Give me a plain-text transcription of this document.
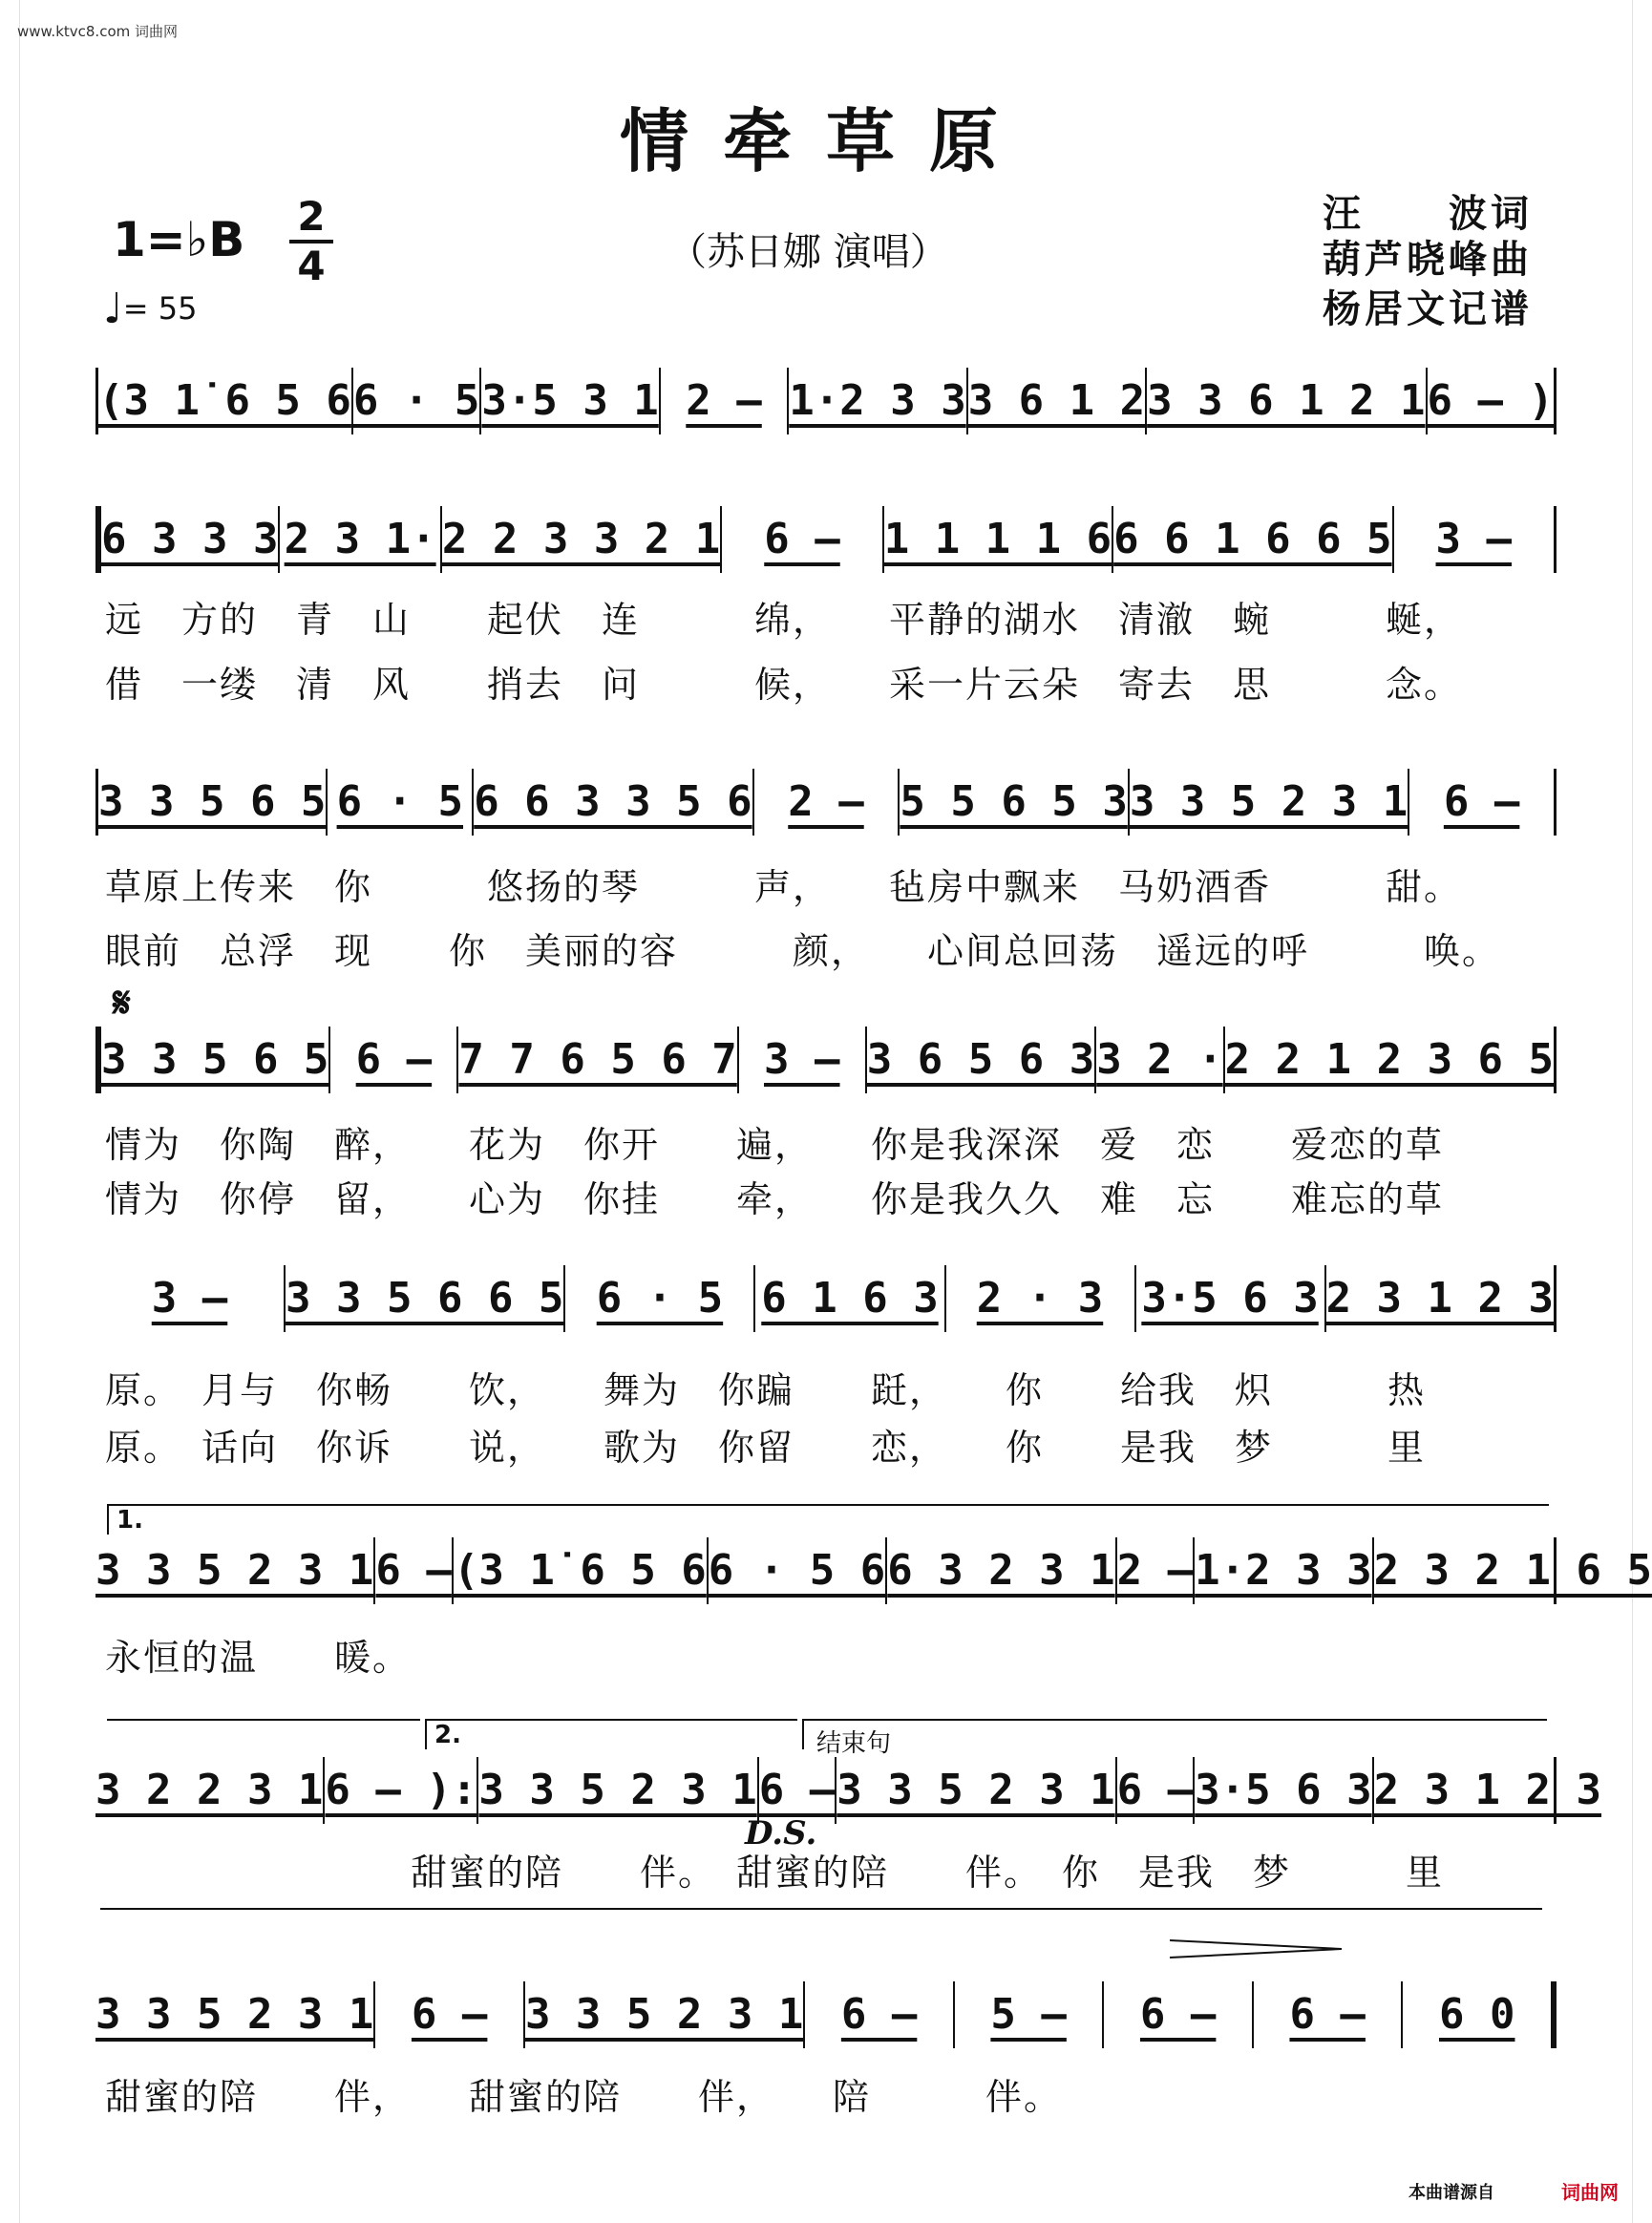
www.ktvc8.com 词曲网
情牵草原
1=♭B 2
4
♩= 55
（苏日娜 演唱）
汪　　波词
葫芦晓峰曲
杨居文记谱
(3 1̇ 6 5 6 6 · 5 3·5 3 1 2 – 1·2 3 3 3 6 1 2 3 3 6 1 2 1 6 – )
6 3 3 3 2 3 1· 2 2 3 3 2 1	6 –	1 1 1 1 6 6 6 1 6 6 5	3 –
远　方的　青　山　　起伏　连　　　绵，　　平静的湖水　清澈　蜿　　　蜒，
借　一缕　清　风　　捎去　问　　　候，　　采一片云朵　寄去　思　　　念。
3 3 5 6 5 6 · 5 6 6 3 3 5 6 2 – 5 5 6 5 3 3 3 5 2 3 1 6 –
草原上传来　你　　　悠扬的琴　　　声，　　毡房中飘来　马奶酒香　　　甜。
眼前　总浮　现　　你　美丽的容　　　颜，　　心间总回荡　遥远的呼　　　唤。
𝄋
3 3 5 6 5 6 – 7 7 6 5 6 7 3 – 3 6 5 6 3 3 2 · 2 2 1 2 3 6 5
情为　你陶　醉，　　花为　你开　　遍，　　你是我深深　爱　恋　　爱恋的草
情为　你停　留，　　心为　你挂　　牵，　　你是我久久　难　忘　　难忘的草
3 –	3 3 5 6 6 5 6 · 5 6 1 6 3 2 · 3 3·5 6 3 2 3 1 2 3
原。　月与　你畅　　饮，　　舞为　你蹁　　跹，　　你　　给我　炽　　　热
原。　话向　你诉　　说，　　歌为　你留　　恋，　　你　　是我　梦　　　里
1.
3 3 5 2 3 1 6 – (3 1̇ 6 5 6 6 · 5 6 6 3 2 3 1 2 – 1·2 3 3 2 3 2 1 6 5
永恒的温　　暖。
2.	结束句
3 2 2 3 1 6 – ): 3 3 5 2 3 1 6 – 3 3 5 2 3 1 6 – 3·5 6 3 2 3 1 2 3
D.S.
　　　　　　　　甜蜜的陪　　伴。　甜蜜的陪　　伴。　你　是我　梦　　　里
3 3 5 2 3 1 6 – 3 3 5 2 3 1 6 –	5 –	6 –	6 –	6 0
甜蜜的陪　　伴，　　甜蜜的陪　　伴，　　陪　　　伴。
本曲谱源自	词曲网
